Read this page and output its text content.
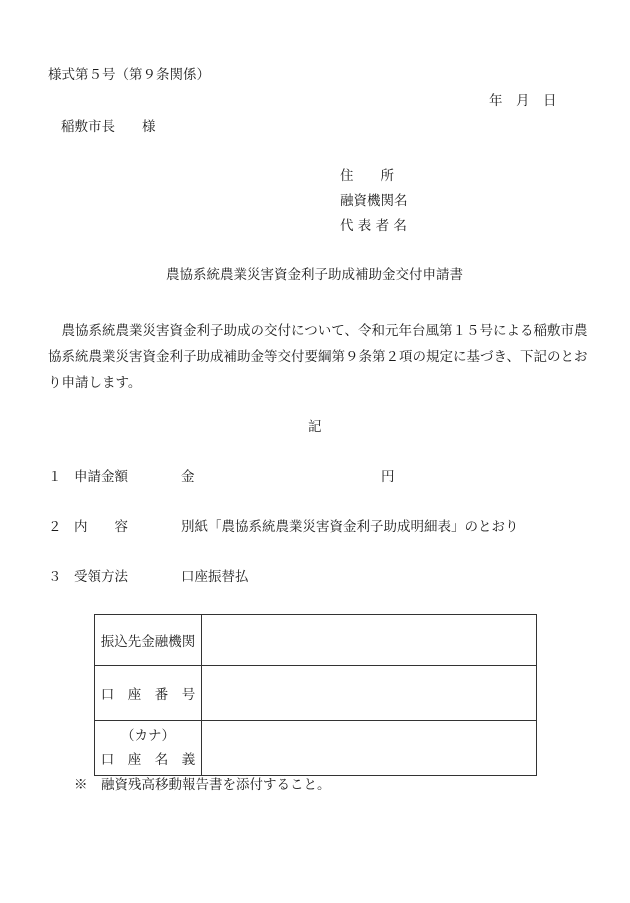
様式第５号（第９条関係）
年　月　日
稲敷市長　　様
住　　所
融資機関名
代 表 者 名
農協系統農業災害資金利子助成補助金交付申請書
　農協系統農業災害資金利子助成の交付について、令和元年台風第１５号による稲敷市農協系統農業災害資金利子助成補助金等交付要綱第９条第２項の規定に基づき、下記のとおり申請します。
記
１ 申請金額	金	円
２ 内　　容	別紙「農協系統農業災害資金利子助成明細表」のとおり
３ 受領方法	口座振替払
振込先金融機関	
口　座　番　号	

（カナ）
口　座　名　義	

※　融資残高移動報告書を添付すること。
